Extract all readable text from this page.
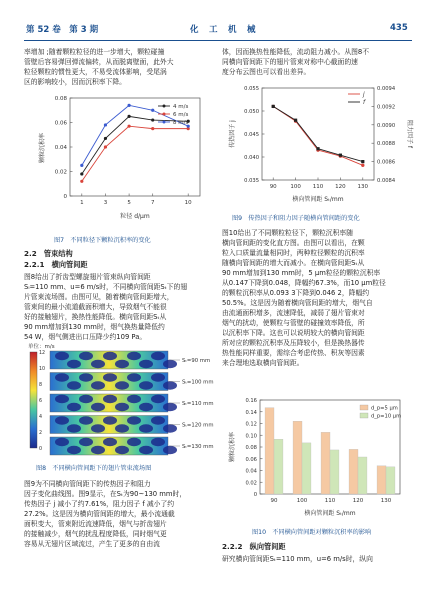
第 52 卷　第 3 期	化　工　机　械	435
率增加 ;随着颗粒粒径的进一步增大，颗粒碰撞
管壁后容易弹回弹流偏转，从而脱离壁面，此外大
粒径颗粒的惯性更大，不易受流体影响，受尾涡
区的影响较小，因而沉积率下降。
0
0.02
0.04
0.06
0.08
1	3	5	7	10
4 m/s
6 m/s
8 m/s
颗粒沉积率
粒径 d/μm
图7　不同粒径下颗粒沉积率的变化
2.2　管束结构
2.2.1　横向管间距
图8给出了折齿型螺旋翅片管束纵向管间距
Sₗ=110 mm、u=6 m/s时，不同横向管间距Sₜ下的翅
片管束流场图。由图可见，随着横向管间距增大，
管束间的最小流道截面积增大，导致烟气不能很
好的接触翅片，换热性能降低。横向管间距Sₜ从
90 mm增加到130 mm时，烟气换热量降低约
54 W，烟气侧进出口压降少约109 Pa。
单位：m/s
12
10
8
6
4
2
0
Sₜ=90 mm
Sₜ=100 mm
Sₜ=110 mm
Sₜ=120 mm
Sₜ=130 mm
图8　不同横向管间距下的翅片管束流场图
图9为不同横向管间距下的传热因子和阻力
因子变化曲线图。图9显示，在Sₜ为90~130 mm时，
传热因子 j 减小了约7.61%，阻力因子 f 减小了约
27.2%。这是因为横向管间距的增大，最小流通截
面积变大，管束附近流速降低，烟气与折齿翅片
的接触减少，烟气的扰乱程度降低，同时烟气更
容易从无翅片区域流过，产生了更多的自由流
体，因而换热性能降低，流动阻力减小。从图8不
同横向管间距下的翅片管束对称中心截面的速
度分布云图也可以看出差异。
0.035
0.040
0.045
0.050
0.055
0.0084
0.0086
0.0088
0.0090
0.0092
0.0094
90 100 110 120 130
j
f
传热因子 j	阻力因子 f
横向管间距 Sₜ/mm
图9　传热因子和阻力因子随横向管间距的变化
图10给出了不同颗粒粒径下，颗粒沉积率随
横向管间距的变化直方图。由图可以看出，在颗
粒入口质量流量相同时，两种粒径颗粒的沉积率
随横向管间距的增大而减小。在横向管间距Sₜ从
90 mm增加到130 mm时，5 μm粒径的颗粒沉积率
从0.147下降到0.048，降幅约67.3%，而10 μm粒径
的颗粒沉积率从0.093 3下降到0.046 2，降幅约
50.5%。这是因为随着横向管间距的增大，烟气自
由流通面积增多，流速降低，减弱了翅片管束对
烟气的扰动，使颗粒与管壁的碰撞效率降低，所
以沉积率下降。这也可以说明较大的横向管间距
所对应的颗粒沉积率及压降较小，但是换热器传
热性能同样重要，需综合考虑传热、积灰等因素
来合理地选取横向管间距。
0
0.02
0.04
0.06
0.08
0.10
0.12
0.14
0.16
90	100	110	120	130
d_p=5 μm
d_p=10 μm
颗粒沉积率
横向管间距 Sₜ/mm
图10　不同横向管间距对颗粒沉积率的影响
2.2.2　纵向管间距
研究横向管间距Sₜ=110 mm，u=6 m/s时，纵向
